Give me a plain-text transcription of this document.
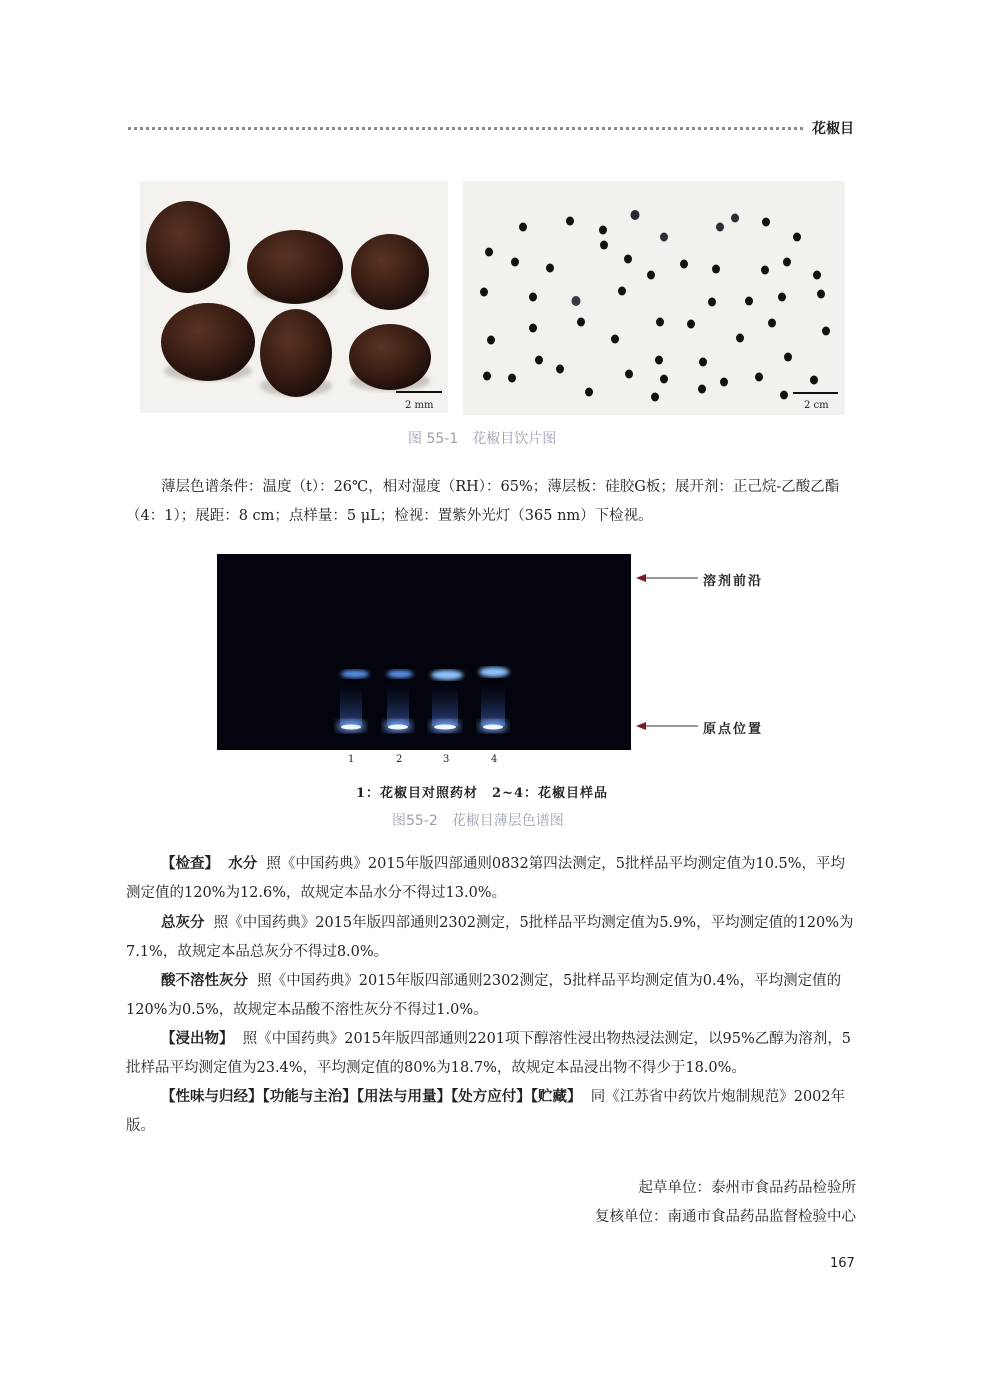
花椒目
2 mm	2 cm
图 55-1　花椒目饮片图
薄层色谱条件：温度（t）：26℃，相对湿度（RH）：65%；薄层板：硅胶G板；展开剂：正己烷-乙酸乙酯（4：1）；展距：8 cm；点样量：5 μL；检视：置紫外光灯（365 nm）下检视。
溶剂前沿
原点位置
1	2	3	4
1：花椒目对照药材　2~4：花椒目样品
图55-2　花椒目薄层色谱图
【检查】 水分 照《中国药典》2015年版四部通则0832第四法测定，5批样品平均测定值为10.5%，平均测定值的120%为12.6%，故规定本品水分不得过13.0%。
总灰分 照《中国药典》2015年版四部通则2302测定，5批样品平均测定值为5.9%，平均测定值的120%为7.1%，故规定本品总灰分不得过8.0%。
酸不溶性灰分 照《中国药典》2015年版四部通则2302测定，5批样品平均测定值为0.4%，平均测定值的120%为0.5%，故规定本品酸不溶性灰分不得过1.0%。
【浸出物】 照《中国药典》2015年版四部通则2201项下醇溶性浸出物热浸法测定，以95%乙醇为溶剂，5批样品平均测定值为23.4%，平均测定值的80%为18.7%，故规定本品浸出物不得少于18.0%。
【性味与归经】【功能与主治】【用法与用量】【处方应付】【贮藏】 同《江苏省中药饮片炮制规范》2002年版。
起草单位：泰州市食品药品检验所
复核单位：南通市食品药品监督检验中心
167
